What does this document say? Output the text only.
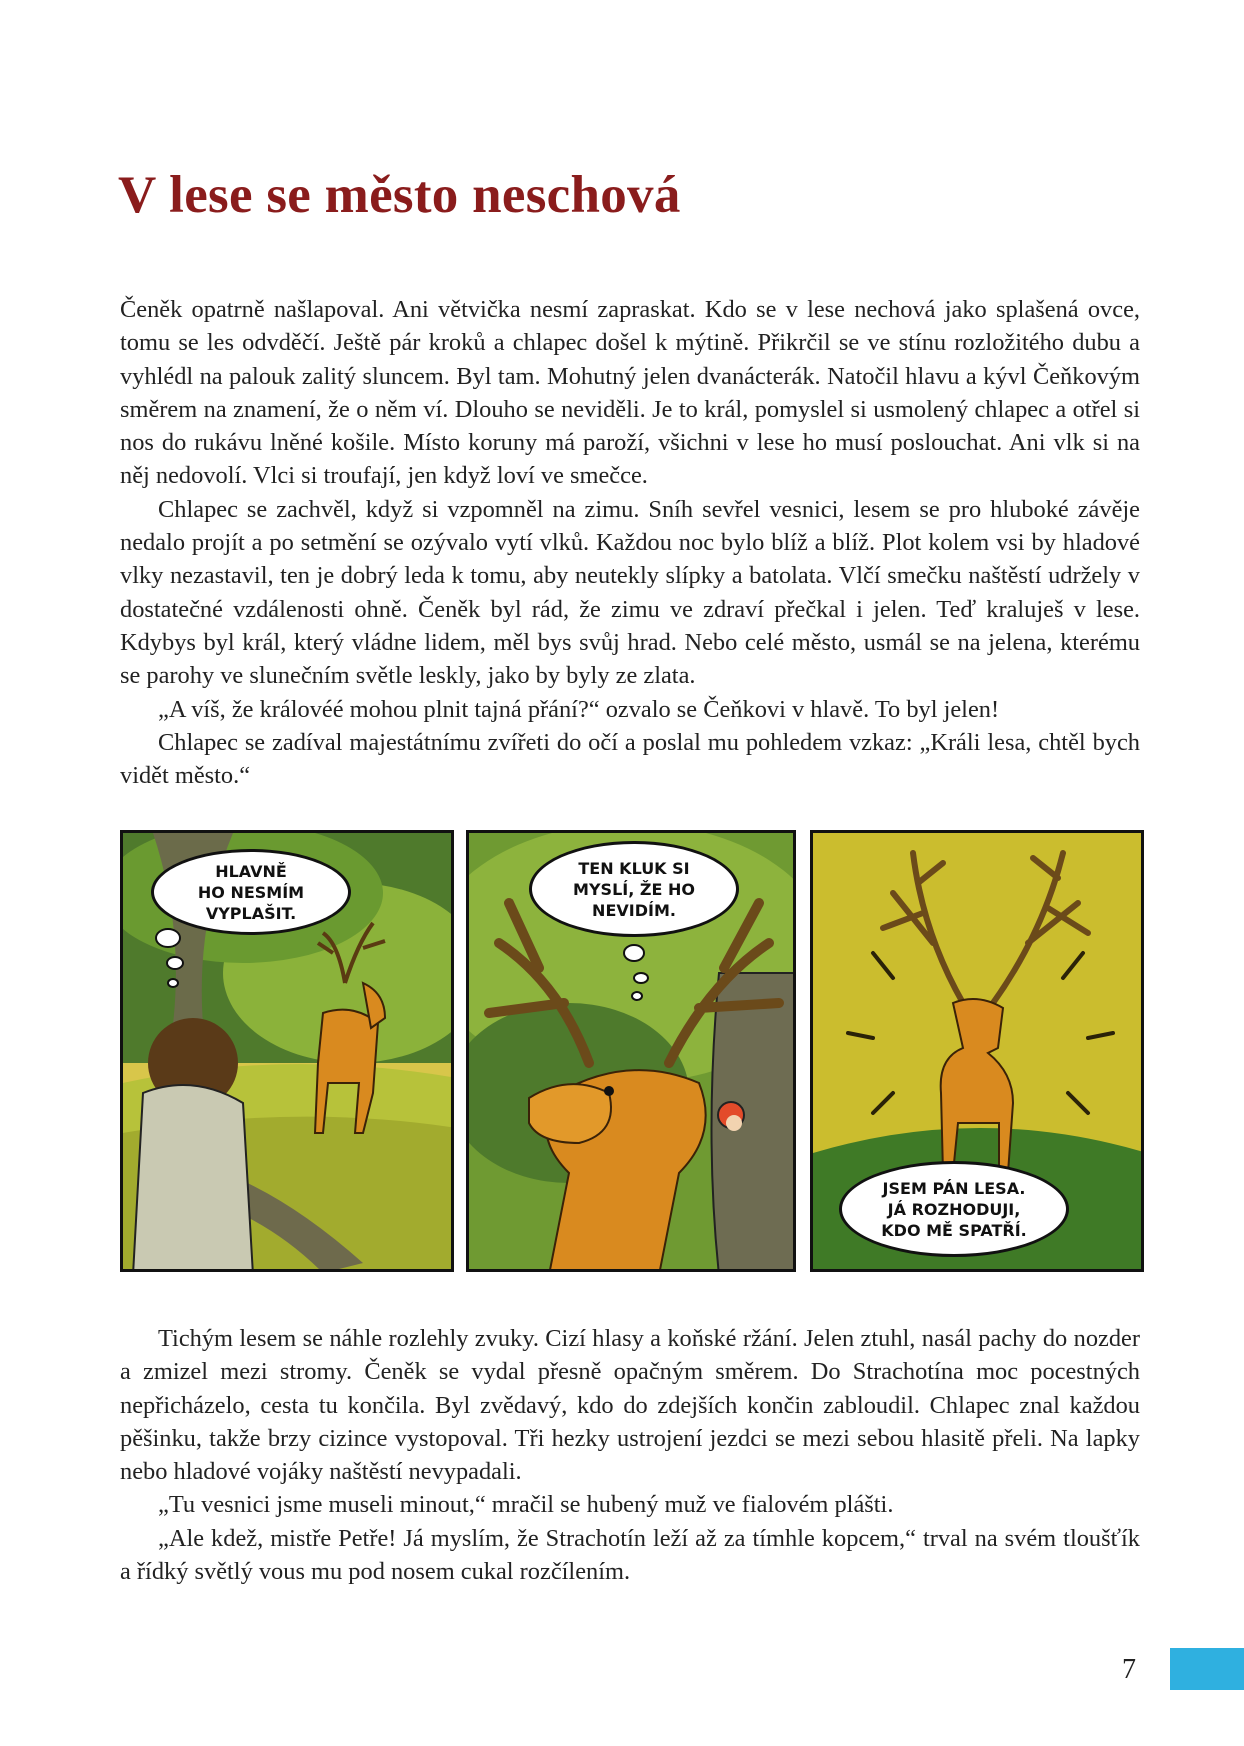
V lese se město neschová

Čeněk opatrně našlapoval. Ani větvička nesmí zapraskat. Kdo se v lese nechová jako splašená ovce, tomu se les odvděčí. Ještě pár kroků a chlapec došel k mýtině. Přikrčil se ve stínu rozložitého dubu a vyhlédl na palouk zalitý sluncem. Byl tam. Mohutný jelen dvanácterák. Natočil hlavu a kývl Čeňkovým směrem na znamení, že o něm ví. Dlouho se neviděli. Je to král, pomyslel si usmolený chlapec a otřel si nos do rukávu lněné košile. Místo koruny má paroží, všichni v lese ho musí poslouchat. Ani vlk si na něj nedovolí. Vlci si troufají, jen když loví ve smečce.

Chlapec se zachvěl, když si vzpomněl na zimu. Sníh sevřel vesnici, lesem se pro hluboké závěje nedalo projít a po setmění se ozývalo vytí vlků. Každou noc bylo blíž a blíž. Plot kolem vsi by hladové vlky nezastavil, ten je dobrý leda k tomu, aby neutekly slípky a batolata. Vlčí smečku naštěstí udržely v dostatečné vzdálenosti ohně. Čeněk byl rád, že zimu ve zdraví přečkal i jelen. Teď kraluješ v lese. Kdybys byl král, který vládne lidem, měl bys svůj hrad. Nebo celé město, usmál se na jelena, kterému se parohy ve slunečním světle leskly, jako by byly ze zlata.

„A víš, že královéé mohou plnit tajná přání?“ ozvalo se Čeňkovi v hlavě. To byl jelen!

Chlapec se zadíval majestátnímu zvířeti do očí a poslal mu pohledem vzkaz: „Králi lesa, chtěl bych vidět město.“

HLAVNĚ
HO NESMÍM
VYPLAŠIT.
TEN KLUK SI
MYSLÍ, ŽE HO
NEVIDÍM.
JSEM PÁN LESA.
JÁ ROZHODUJI,
KDO MĚ SPATŘÍ.

Tichým lesem se náhle rozlehly zvuky. Cizí hlasy a koňské ržání. Jelen ztuhl, nasál pachy do nozder a zmizel mezi stromy. Čeněk se vydal přesně opačným směrem. Do Strachotína moc pocestných nepřicházelo, cesta tu končila. Byl zvědavý, kdo do zdejších končin zabloudil. Chlapec znal každou pěšinku, takže brzy cizince vystopoval. Tři hezky ustrojení jezdci se mezi sebou hlasitě přeli. Na lapky nebo hladové vojáky naštěstí nevypadali.

„Tu vesnici jsme museli minout,“ mračil se hubený muž ve fialovém plášti.

„Ale kdež, mistře Petře! Já myslím, že Strachotín leží až za tímhle kopcem,“ trval na svém tloušťík a řídký světlý vous mu pod nosem cukal rozčílením.

7
